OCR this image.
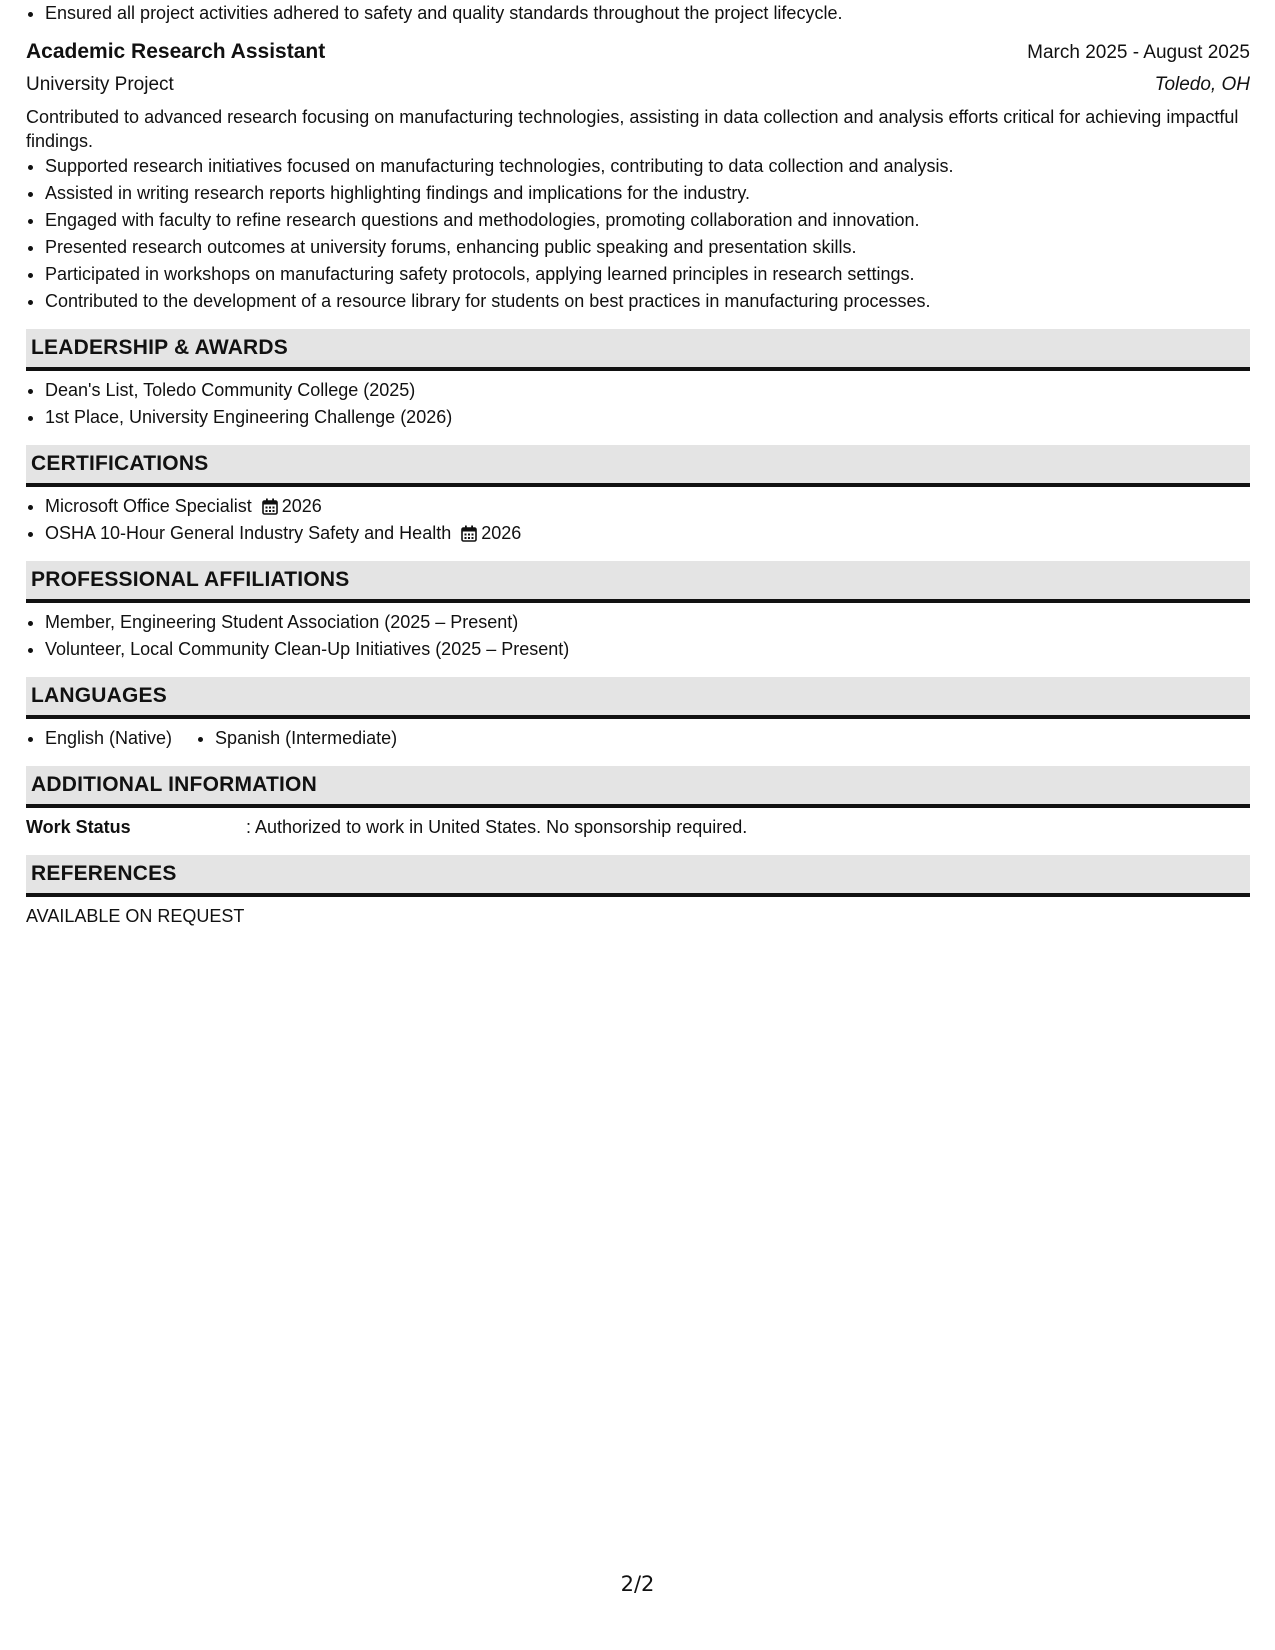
• Ensured all project activities adhered to safety and quality standards throughout the project lifecycle.
Academic Research Assistant	March 2025 - August 2025
University Project	Toledo, OH
Contributed to advanced research focusing on manufacturing technologies, assisting in data collection and analysis efforts critical for achieving impactful findings.
• Supported research initiatives focused on manufacturing technologies, contributing to data collection and analysis.
• Assisted in writing research reports highlighting findings and implications for the industry.
• Engaged with faculty to refine research questions and methodologies, promoting collaboration and innovation.
• Presented research outcomes at university forums, enhancing public speaking and presentation skills.
• Participated in workshops on manufacturing safety protocols, applying learned principles in research settings.
• Contributed to the development of a resource library for students on best practices in manufacturing processes.
LEADERSHIP & AWARDS
• Dean's List, Toledo Community College (2025)
• 1st Place, University Engineering Challenge (2026)
CERTIFICATIONS
• Microsoft Office Specialist 2026
• OSHA 10-Hour General Industry Safety and Health 2026
PROFESSIONAL AFFILIATIONS
• Member, Engineering Student Association (2025 – Present)
• Volunteer, Local Community Clean-Up Initiatives (2025 – Present)
LANGUAGES
• English (Native)
• Spanish (Intermediate)
ADDITIONAL INFORMATION
Work Status	: Authorized to work in United States. No sponsorship required.
REFERENCES
AVAILABLE ON REQUEST
2/2
